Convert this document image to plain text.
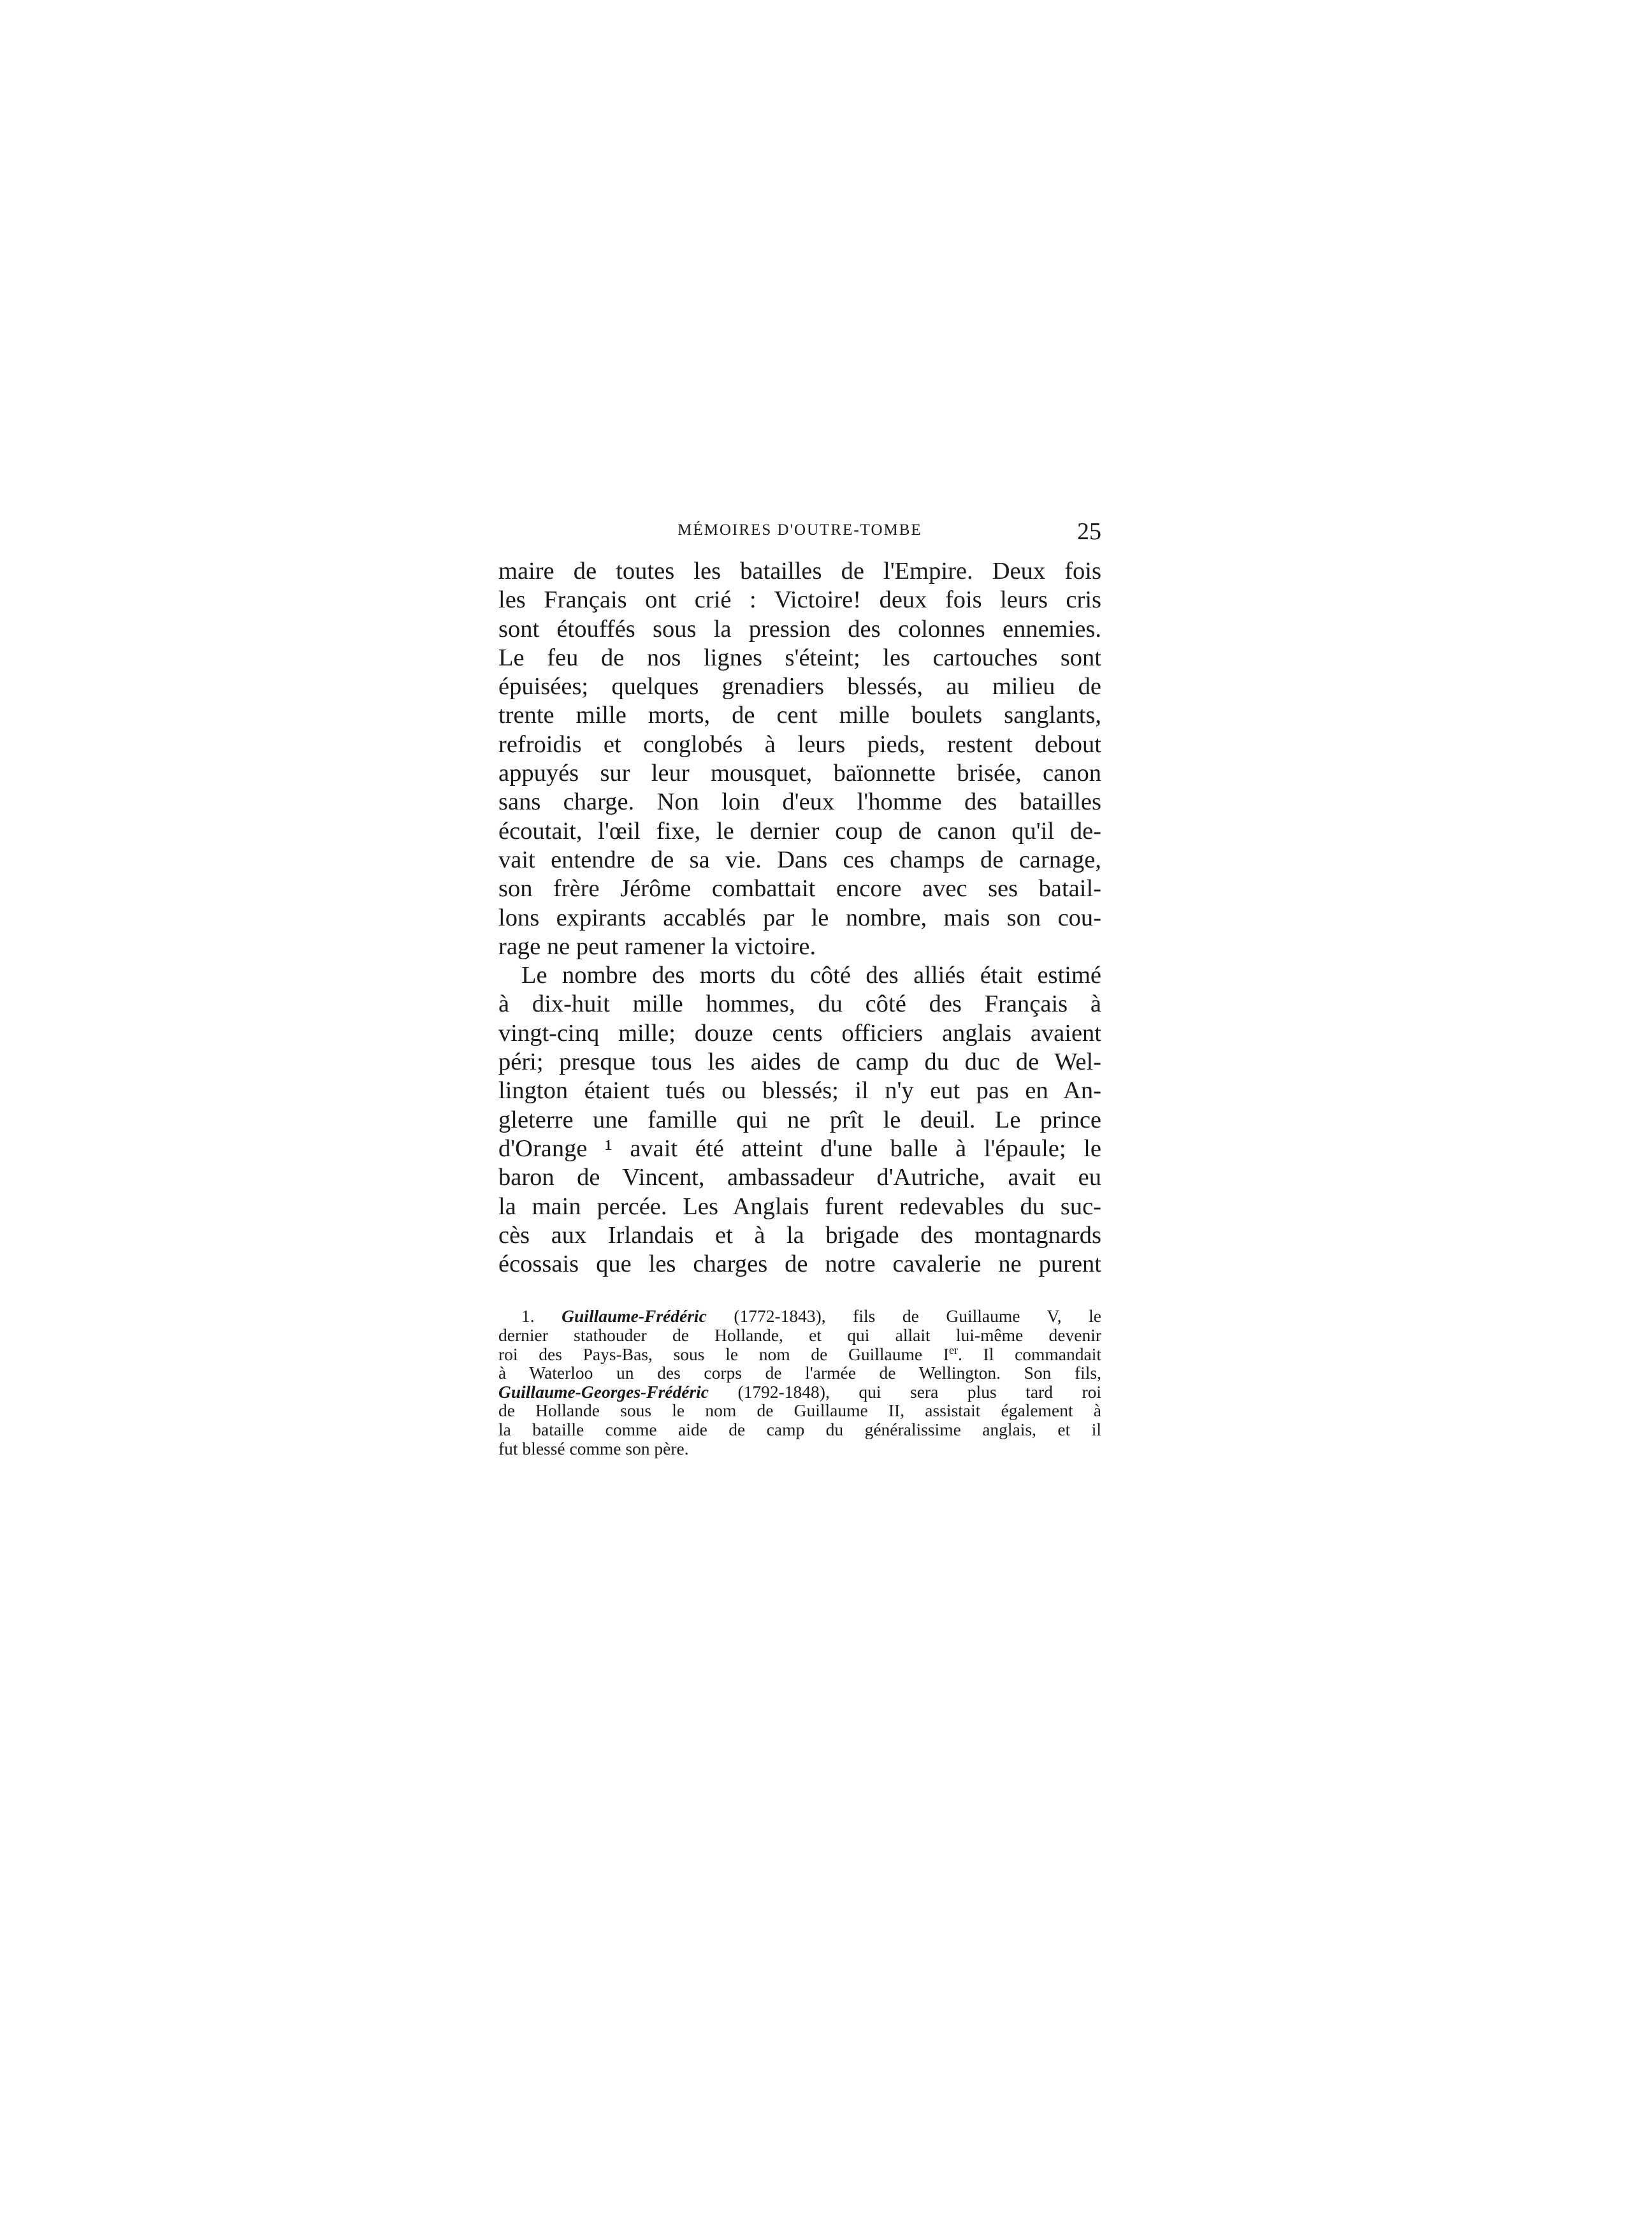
MÉMOIRES D'OUTRE-TOMBE	25
maire de toutes les batailles de l'Empire. Deux fois
les Français ont crié : Victoire! deux fois leurs cris
sont étouffés sous la pression des colonnes ennemies.
Le feu de nos lignes s'éteint; les cartouches sont
épuisées; quelques grenadiers blessés, au milieu de
trente mille morts, de cent mille boulets sanglants,
refroidis et conglobés à leurs pieds, restent debout
appuyés sur leur mousquet, baïonnette brisée, canon
sans charge. Non loin d'eux l'homme des batailles
écoutait, l'œil fixe, le dernier coup de canon qu'il de-
vait entendre de sa vie. Dans ces champs de carnage,
son frère Jérôme combattait encore avec ses batail-
lons expirants accablés par le nombre, mais son cou-
rage ne peut ramener la victoire.
Le nombre des morts du côté des alliés était estimé
à dix-huit mille hommes, du côté des Français à
vingt-cinq mille; douze cents officiers anglais avaient
péri; presque tous les aides de camp du duc de Wel-
lington étaient tués ou blessés; il n'y eut pas en An-
gleterre une famille qui ne prît le deuil. Le prince
d'Orange ¹ avait été atteint d'une balle à l'épaule; le
baron de Vincent, ambassadeur d'Autriche, avait eu
la main percée. Les Anglais furent redevables du suc-
cès aux Irlandais et à la brigade des montagnards
écossais que les charges de notre cavalerie ne purent
1. Guillaume-Frédéric (1772-1843), fils de Guillaume V, le
dernier stathouder de Hollande, et qui allait lui-même devenir
roi des Pays-Bas, sous le nom de Guillaume Ier. Il commandait
à Waterloo un des corps de l'armée de Wellington. Son fils,
Guillaume-Georges-Frédéric (1792-1848), qui sera plus tard roi
de Hollande sous le nom de Guillaume II, assistait également à
la bataille comme aide de camp du généralissime anglais, et il
fut blessé comme son père.
